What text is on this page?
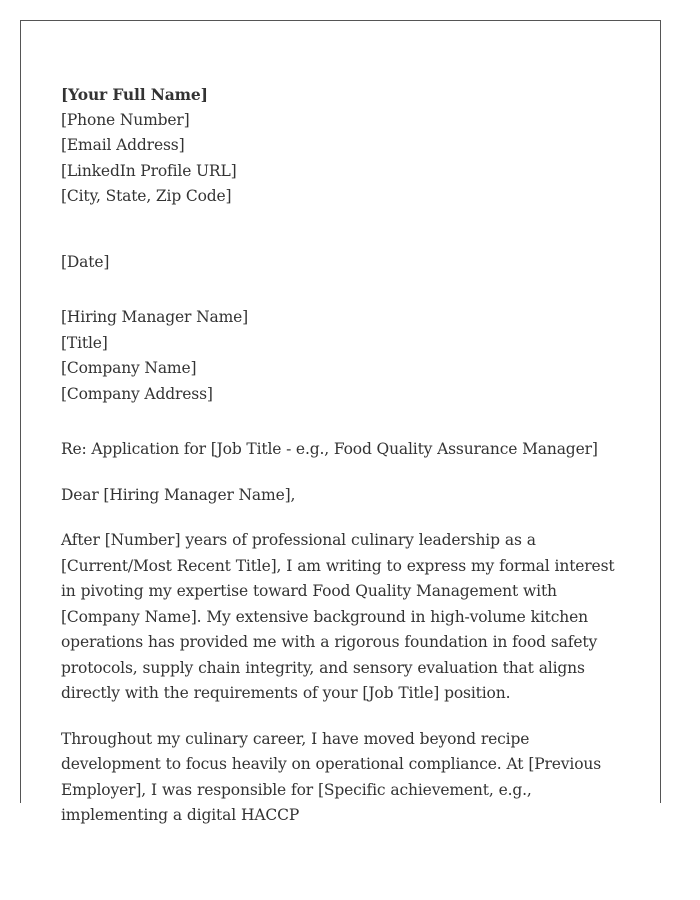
[Your Full Name]
[Phone Number]
[Email Address]
[LinkedIn Profile URL]
[City, State, Zip Code]
[Date]
[Hiring Manager Name]
[Title]
[Company Name]
[Company Address]
Re: Application for [Job Title - e.g., Food Quality Assurance Manager]
Dear [Hiring Manager Name],

After [Number] years of professional culinary leadership as a [Current/Most Recent Title], I am writing to express my formal interest in pivoting my expertise toward Food Quality Management with [Company Name]. My extensive background in high-volume kitchen operations has provided me with a rigorous foundation in food safety protocols, supply chain integrity, and sensory evaluation that aligns directly with the requirements of your [Job Title] position.

Throughout my culinary career, I have moved beyond recipe development to focus heavily on operational compliance. At [Previous Employer], I was responsible for [Specific achievement, e.g., implementing a digital HACCP
